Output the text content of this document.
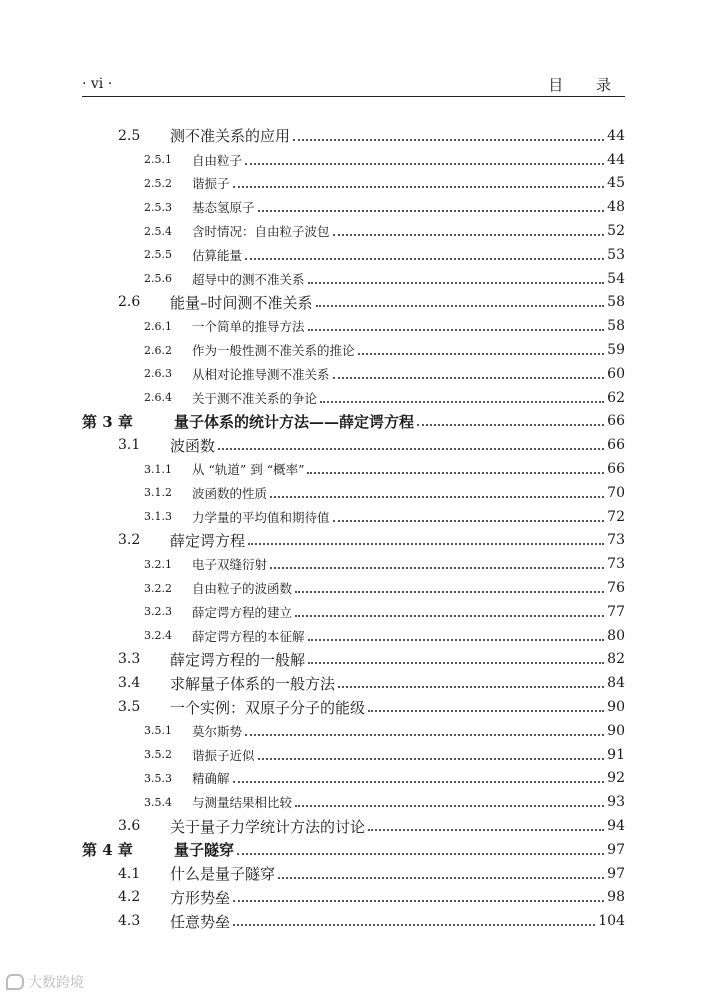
· vi ·	目 录
2.5	测不准关系的应用	44
2.5.1	自由粒子	44
2.5.2	谐振子	45
2.5.3	基态氢原子	48
2.5.4	含时情况：自由粒子波包	52
2.5.5	估算能量	53
2.5.6	超导中的测不准关系	54
2.6	能量–时间测不准关系	58
2.6.1	一个简单的推导方法	58
2.6.2	作为一般性测不准关系的推论	59
2.6.3	从相对论推导测不准关系	60
2.6.4	关于测不准关系的争论	62
第 3 章	量子体系的统计方法——薛定谔方程	66
3.1	波函数	66
3.1.1	从 “轨道” 到 “概率”	66
3.1.2	波函数的性质	70
3.1.3	力学量的平均值和期待值	72
3.2	薛定谔方程	73
3.2.1	电子双缝衍射	73
3.2.2	自由粒子的波函数	76
3.2.3	薛定谔方程的建立	77
3.2.4	薛定谔方程的本征解	80
3.3	薛定谔方程的一般解	82
3.4	求解量子体系的一般方法	84
3.5	一个实例：双原子分子的能级	90
3.5.1	莫尔斯势	90
3.5.2	谐振子近似	91
3.5.3	精确解	92
3.5.4	与测量结果相比较	93
3.6	关于量子力学统计方法的讨论	94
第 4 章	量子隧穿	97
4.1	什么是量子隧穿	97
4.2	方形势垒	98
4.3	任意势垒	104
大数跨境
